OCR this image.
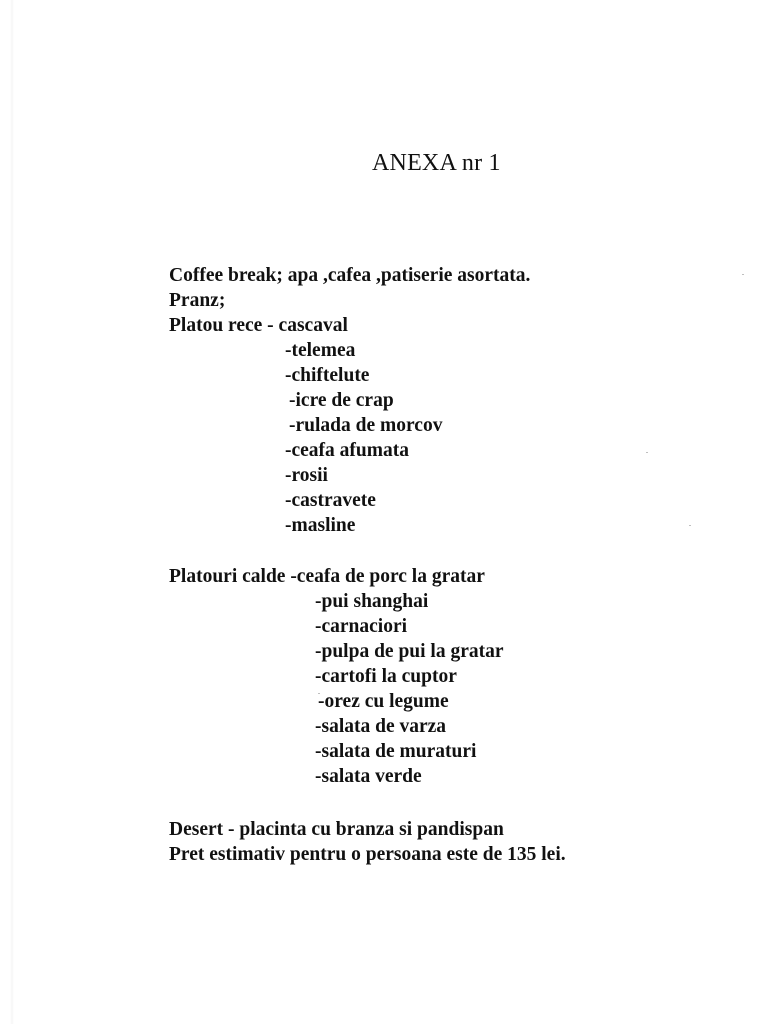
ANEXA nr 1
Coffee break; apa ,cafea ,patiserie asortata.
Pranz;
Platou rece - cascaval
-telemea
-chiftelute
-icre de crap
-rulada de morcov
-ceafa afumata
-rosii
-castravete
-masline
Platouri calde -ceafa de porc la gratar
-pui shanghai
-carnaciori
-pulpa de pui la gratar
-cartofi la cuptor
-orez cu legume
-salata de varza
-salata de muraturi
-salata verde
Desert - placinta cu branza si pandispan
Pret estimativ pentru o persoana este de 135 lei.
